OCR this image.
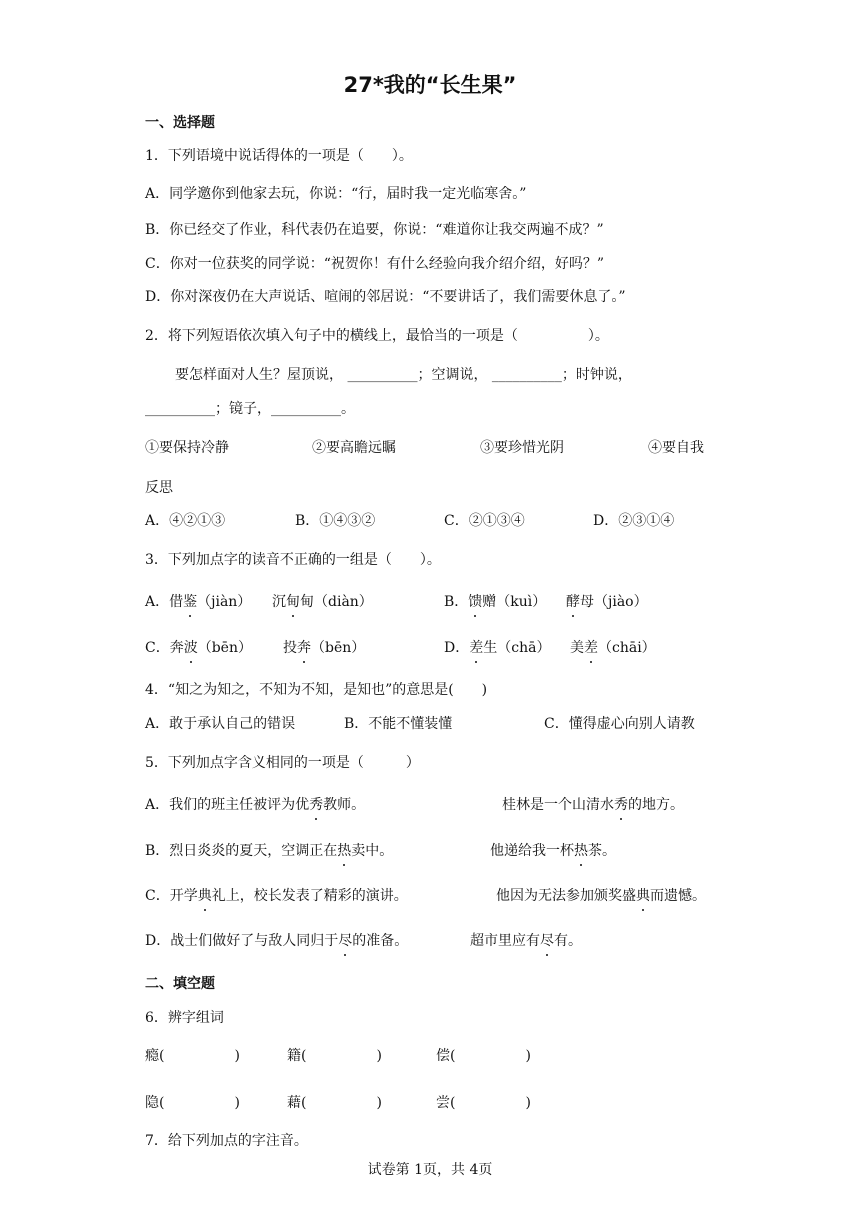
27*我的“长生果”
一、选择题
1．下列语境中说话得体的一项是（　　）。
A．同学邀你到他家去玩，你说：“行，届时我一定光临寒舍。”
B．你已经交了作业，科代表仍在追要，你说：“难道你让我交两遍不成？”
C．你对一位获奖的同学说：“祝贺你！有什么经验向我介绍介绍，好吗？”
D．你对深夜仍在大声说话、喧闹的邻居说：“不要讲话了，我们需要休息了。”
2．将下列短语依次填入句子中的横线上，最恰当的一项是（　　　　　）。
要怎样面对人生？屋顶说， __________；空调说， __________；时钟说，
__________；镜子，__________。
①要保持冷静	②要高瞻远瞩	③要珍惜光阴	④要自我
反思
A．④②①③	B．①④③②	C．②①③④	D．②③①④
3．下列加点字的读音不正确的一组是（　　）。
A．借鉴（jiàn） 沉甸甸（diàn）	B．馈赠（kuì） 酵母（jiào）
C．奔波（bēn） 投奔（bēn）	D．差生（chā） 美差（chāi）
4．“知之为知之，不知为不知，是知也”的意思是(　　)
A．敢于承认自己的错误	B．不能不懂装懂	C．懂得虚心向别人请教
5．下列加点字含义相同的一项是（　　　）
A．我们的班主任被评为优秀教师。	桂林是一个山清水秀的地方。
B．烈日炎炎的夏天，空调正在热卖中。	他递给我一杯热茶。
C．开学典礼上，校长发表了精彩的演讲。	他因为无法参加颁奖盛典而遗憾。
D．战士们做好了与敌人同归于尽的准备。	超市里应有尽有。
二、填空题
6．辨字组词
瘾(　　　　　)	籍(　　　　　)	偿(　　　　　)
隐(　　　　　)	藉(　　　　　)	尝(　　　　　)
7．给下列加点的字注音。
试卷第 1页，共 4页
